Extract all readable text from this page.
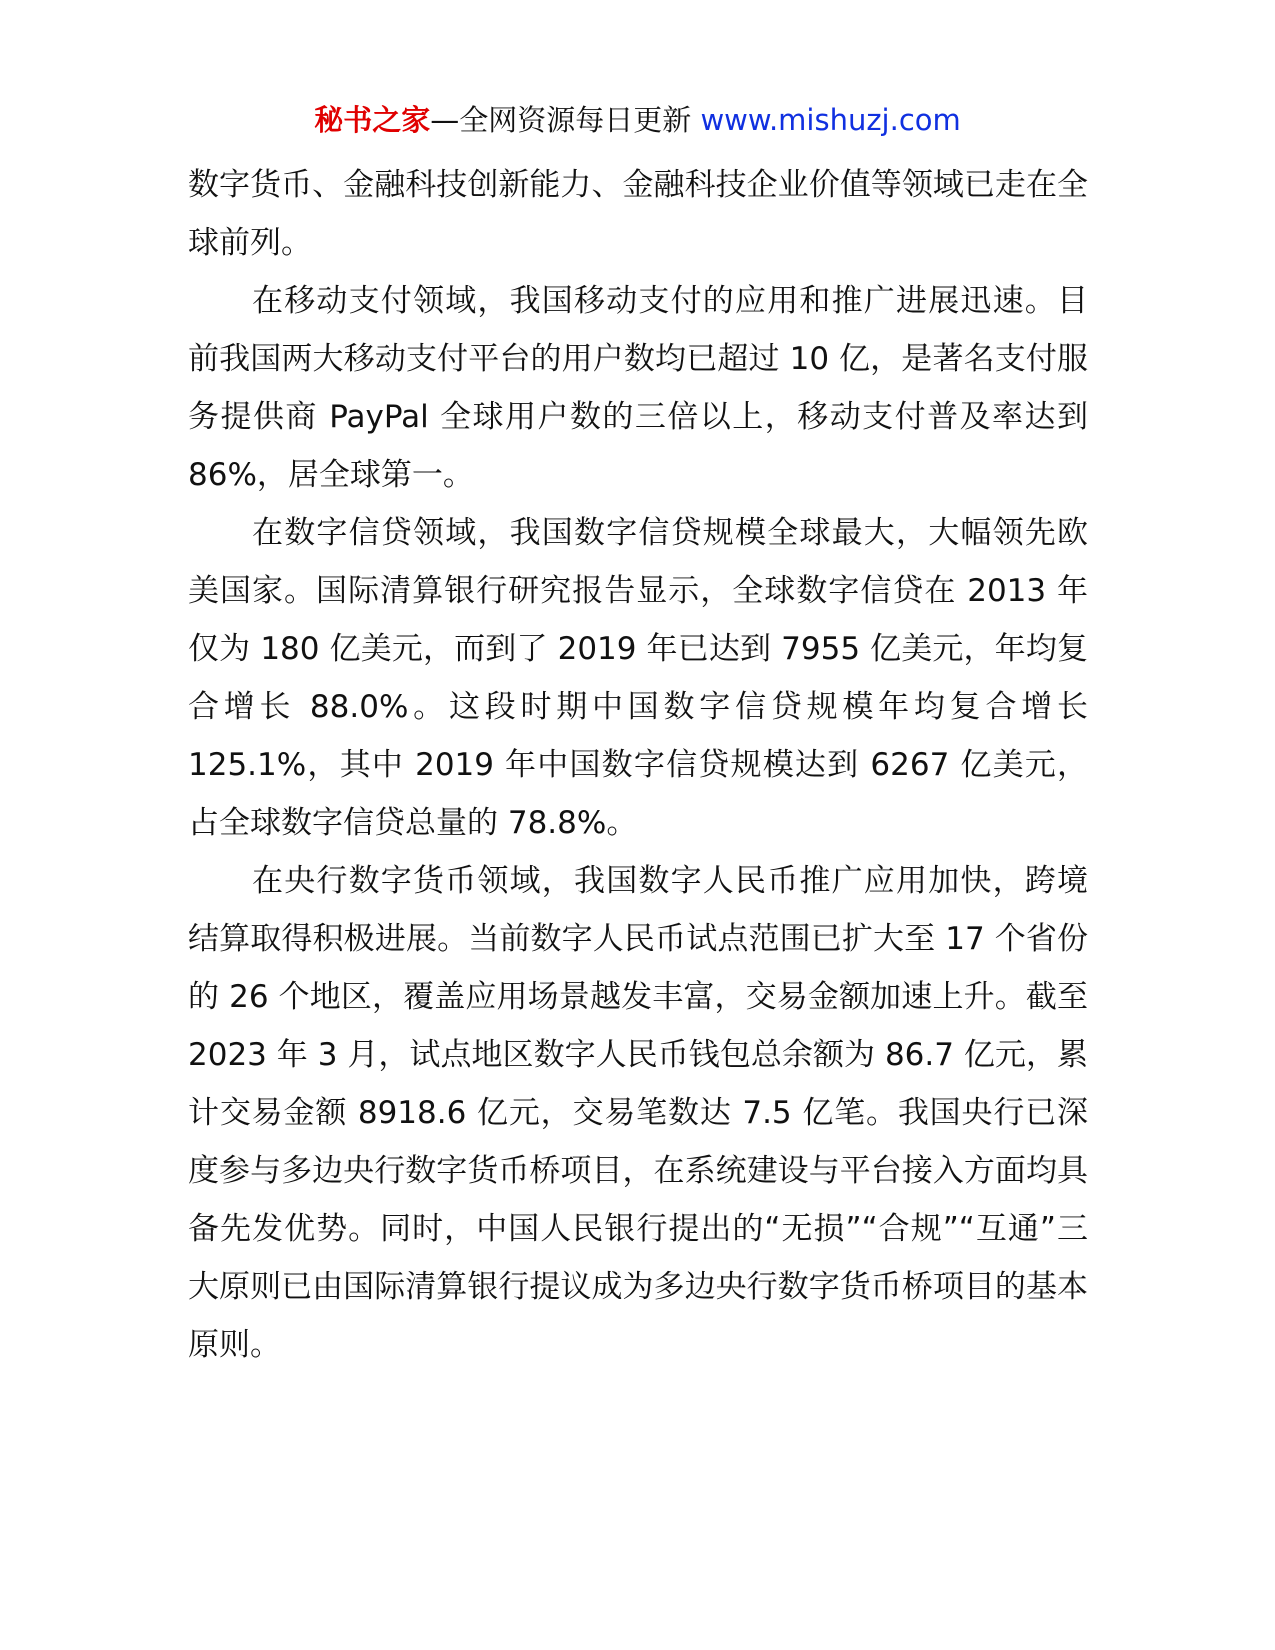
秘书之家—全网资源每日更新 www.mishuzj.com

数字货币、金融科技创新能力、金融科技企业价值等领域已走在全球前列。

在移动支付领域，我国移动支付的应用和推广进展迅速。目前我国两大移动支付平台的用户数均已超过 10 亿，是著名支付服务提供商 PayPal 全球用户数的三倍以上，移动支付普及率达到 86%，居全球第一。

在数字信贷领域，我国数字信贷规模全球最大，大幅领先欧美国家。国际清算银行研究报告显示，全球数字信贷在 2013 年仅为 180 亿美元，而到了 2019 年已达到 7955 亿美元，年均复合增长 88.0%。这段时期中国数字信贷规模年均复合增长 125.1%，其中 2019 年中国数字信贷规模达到 6267 亿美元，占全球数字信贷总量的 78.8%。

在央行数字货币领域，我国数字人民币推广应用加快，跨境结算取得积极进展。当前数字人民币试点范围已扩大至 17 个省份的 26 个地区，覆盖应用场景越发丰富，交易金额加速上升。截至 2023 年 3 月，试点地区数字人民币钱包总余额为 86.7 亿元，累计交易金额 8918.6 亿元，交易笔数达 7.5 亿笔。我国央行已深度参与多边央行数字货币桥项目，在系统建设与平台接入方面均具备先发优势。同时，中国人民银行提出的“无损”“合规”“互通”三大原则已由国际清算银行提议成为多边央行数字货币桥项目的基本原则。
